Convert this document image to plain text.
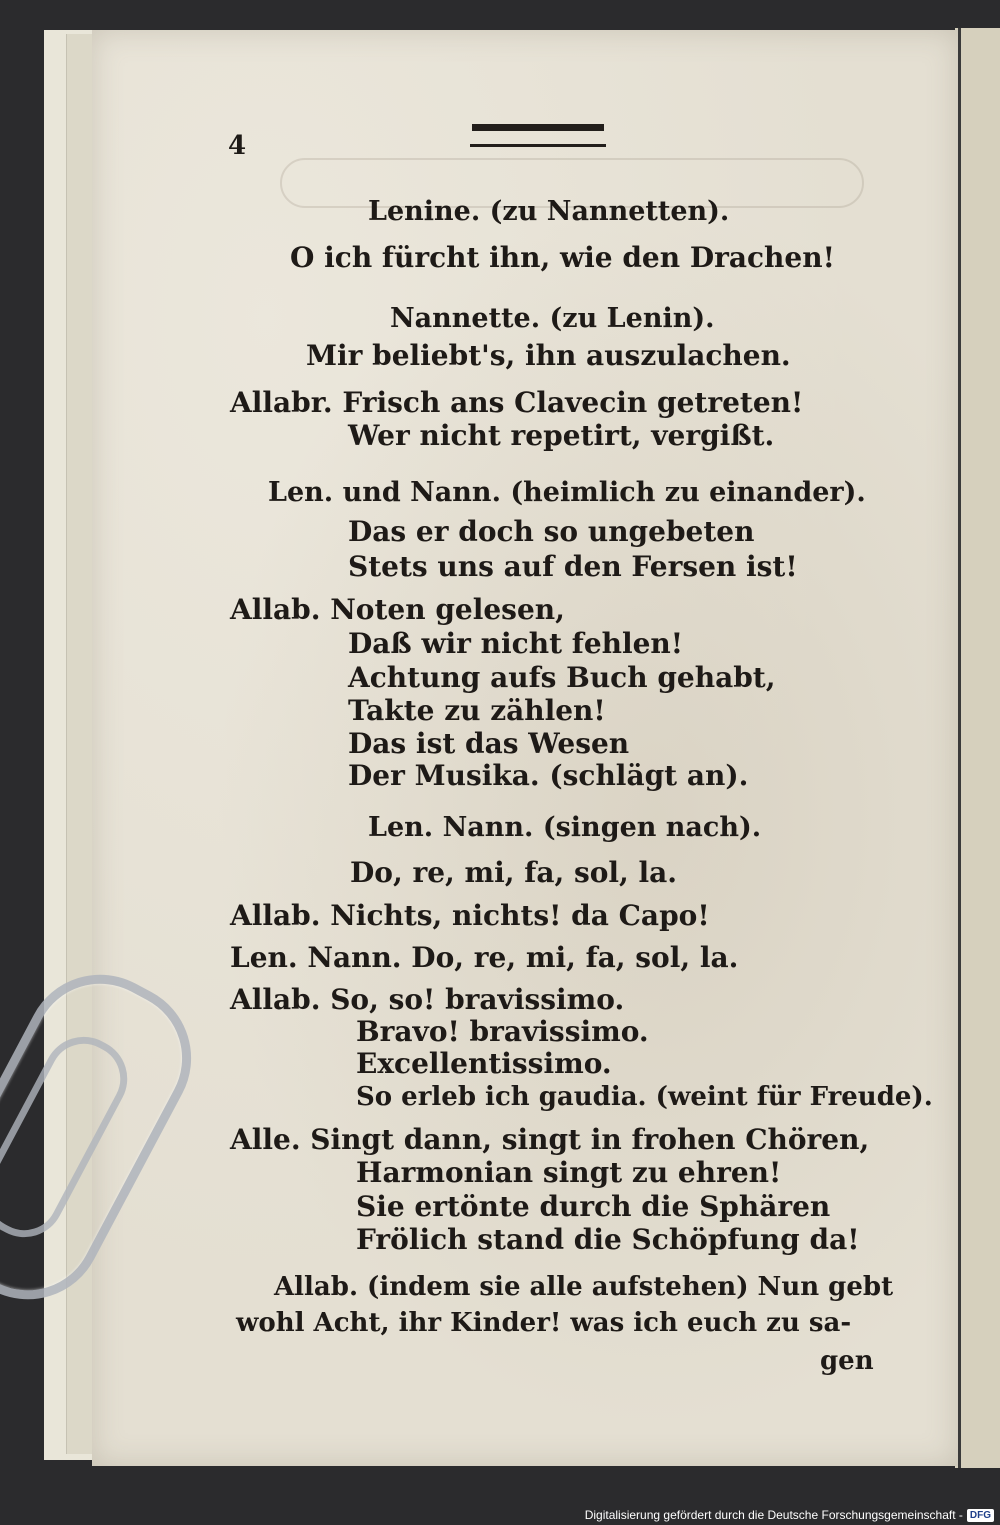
4
Lenine. (zu Nannetten).
O ich fürcht ihn, wie den Drachen!
Nannette. (zu Lenin).
Mir beliebt's, ihn auszulachen.
Allabr. Frisch ans Clavecin getreten!
Wer nicht repetirt, vergißt.
Len. und Nann. (heimlich zu einander).
Das er doch so ungebeten
Stets uns auf den Fersen ist!
Allab. Noten gelesen,
Daß wir nicht fehlen!
Achtung aufs Buch gehabt,
Takte zu zählen!
Das ist das Wesen
Der Musika. (schlägt an).
Len. Nann. (singen nach).
Do, re, mi, fa, sol, la.
Allab. Nichts, nichts! da Capo!
Len. Nann. Do, re, mi, fa, sol, la.
Allab. So, so! bravissimo.
Bravo! bravissimo.
Excellentissimo.
So erleb ich gaudia. (weint für Freude).
Alle. Singt dann, singt in frohen Chören,
Harmonian singt zu ehren!
Sie ertönte durch die Sphären
Frölich stand die Schöpfung da!
Allab. (indem sie alle aufstehen) Nun gebt
wohl Acht, ihr Kinder! was ich euch zu sa-
gen
Digitalisierung gefördert durch die Deutsche Forschungsgemeinschaft - DFG
